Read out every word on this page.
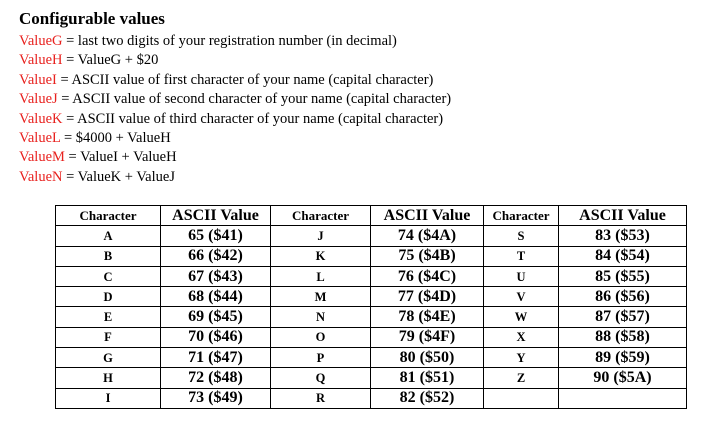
Configurable values
ValueG = last two digits of your registration number (in decimal)
ValueH = ValueG + $20
ValueI = ASCII value of first character of your name (capital character)
ValueJ = ASCII value of second character of your name (capital character)
ValueK = ASCII value of third character of your name (capital character)
ValueL = $4000 + ValueH
ValueM = ValueI + ValueH
ValueN = ValueK + ValueJ
Character	ASCII Value	Character	ASCII Value	Character	ASCII Value
A	65 ($41)	J	74 ($4A)	S	83 ($53)
B	66 ($42)	K	75 ($4B)	T	84 ($54)
C	67 ($43)	L	76 ($4C)	U	85 ($55)
D	68 ($44)	M	77 ($4D)	V	86 ($56)
E	69 ($45)	N	78 ($4E)	W	87 ($57)
F	70 ($46)	O	79 ($4F)	X	88 ($58)
G	71 ($47)	P	80 ($50)	Y	89 ($59)
H	72 ($48)	Q	81 ($51)	Z	90 ($5A)
I	73 ($49)	R	82 ($52)		
